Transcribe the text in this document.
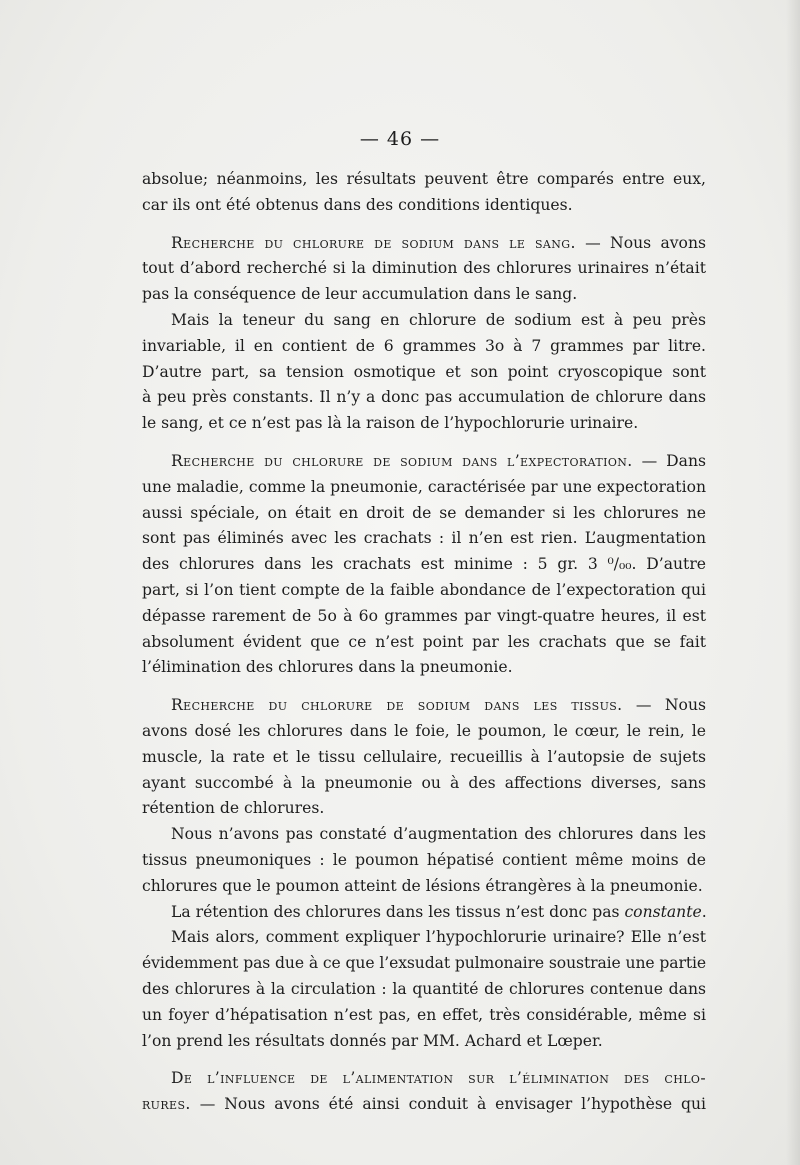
— 46 —
absolue; néanmoins, les résultats peuvent être comparés entre eux,
car ils ont été obtenus dans des conditions identiques.
Recherche du chlorure de sodium dans le sang. — Nous avons
tout d’abord recherché si la diminution des chlorures urinaires n’était
pas la conséquence de leur accumulation dans le sang.
Mais la teneur du sang en chlorure de sodium est à peu près
invariable, il en contient de 6 grammes 3o à 7 grammes par litre.
D’autre part, sa tension osmotique et son point cryoscopique sont
à peu près constants. Il n’y a donc pas accumulation de chlorure dans
le sang, et ce n’est pas là la raison de l’hypochlorurie urinaire.
Recherche du chlorure de sodium dans l’expectoration. — Dans
une maladie, comme la pneumonie, caractérisée par une expectoration
aussi spéciale, on était en droit de se demander si les chlorures ne
sont pas éliminés avec les crachats : il n’en est rien. L’augmentation
des chlorures dans les crachats est minime : 5 gr. 3 ⁰/₀₀. D’autre
part, si l’on tient compte de la faible abondance de l’expectoration qui
dépasse rarement de 5o à 6o grammes par vingt-quatre heures, il est
absolument évident que ce n’est point par les crachats que se fait
l’élimination des chlorures dans la pneumonie.
Recherche du chlorure de sodium dans les tissus. — Nous
avons dosé les chlorures dans le foie, le poumon, le cœur, le rein, le
muscle, la rate et le tissu cellulaire, recueillis à l’autopsie de sujets
ayant succombé à la pneumonie ou à des affections diverses, sans
rétention de chlorures.
Nous n’avons pas constaté d’augmentation des chlorures dans les
tissus pneumoniques : le poumon hépatisé contient même moins de
chlorures que le poumon atteint de lésions étrangères à la pneumonie.
La rétention des chlorures dans les tissus n’est donc pas constante.
Mais alors, comment expliquer l’hypochlorurie urinaire? Elle n’est
évidemment pas due à ce que l’exsudat pulmonaire soustraie une partie
des chlorures à la circulation : la quantité de chlorures contenue dans
un foyer d’hépatisation n’est pas, en effet, très considérable, même si
l’on prend les résultats donnés par MM. Achard et Lœper.
De l’influence de l’alimentation sur l’élimination des chlo-
rures. — Nous avons été ainsi conduit à envisager l’hypothèse qui
